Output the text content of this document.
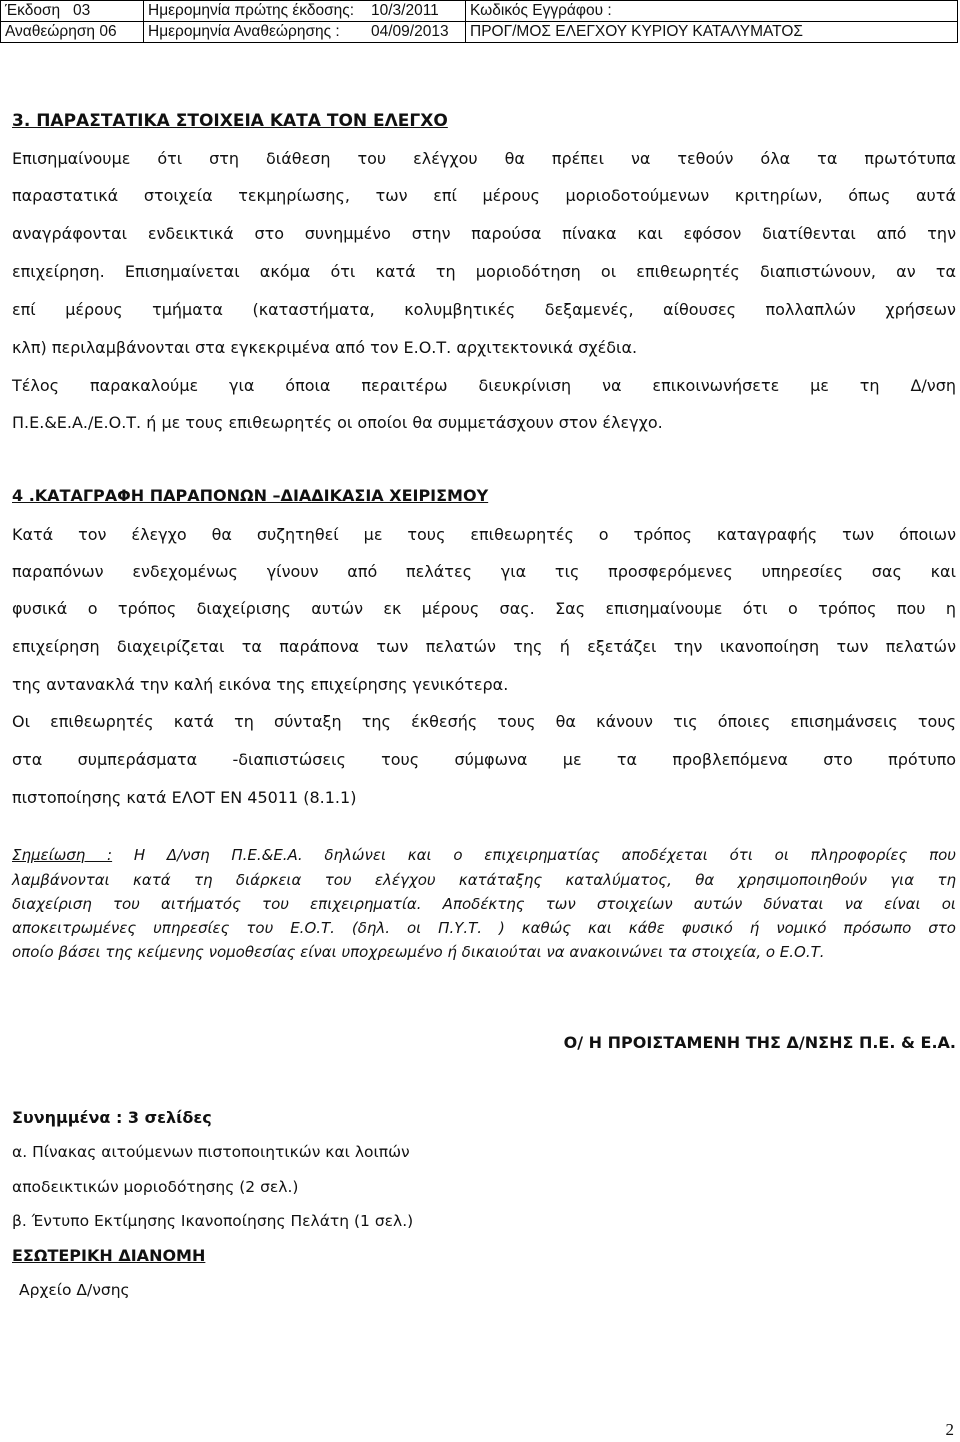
Έκδοση	03	Ημερομηνία πρώτης έκδοσης:	10/3/2011	Κωδικός Εγγράφου :
Αναθεώρηση 06		Ημερομηνία Αναθεώρησης :	04/09/2013	ΠΡΟΓ/ΜΟΣ ΕΛΕΓΧΟΥ ΚΥΡΙΟΥ ΚΑΤΑΛΥΜΑΤΟΣ
3. ΠΑΡΑΣΤΑΤΙΚΑ ΣΤΟΙΧΕΙΑ ΚΑΤΑ ΤΟΝ ΕΛΕΓΧΟ
Επισημαίνουμε ότι στη διάθεση του ελέγχου θα πρέπει να τεθούν όλα τα πρωτότυπα
παραστατικά στοιχεία τεκμηρίωσης, των επί μέρους μοριοδοτούμενων κριτηρίων, όπως αυτά
αναγράφονται ενδεικτικά στο συνημμένο στην παρούσα πίνακα και εφόσον διατίθενται από την
επιχείρηση. Επισημαίνεται ακόμα ότι κατά τη μοριοδότηση οι επιθεωρητές διαπιστώνουν, αν τα
επί μέρους τμήματα (καταστήματα, κολυμβητικές δεξαμενές, αίθουσες πολλαπλών χρήσεων
κλπ) περιλαμβάνονται στα εγκεκριμένα από τον Ε.Ο.Τ. αρχιτεκτονικά σχέδια.
Τέλος παρακαλούμε για όποια περαιτέρω διευκρίνιση να επικοινωνήσετε με τη Δ/νση
Π.Ε.&Ε.Α./Ε.Ο.Τ. ή με τους επιθεωρητές οι οποίοι θα συμμετάσχουν στον έλεγχο.
4 .ΚΑΤΑΓΡΑΦΗ ΠΑΡΑΠΟΝΩΝ –ΔΙΑΔΙΚΑΣΙΑ ΧΕΙΡΙΣΜΟΥ
Κατά τον έλεγχο θα συζητηθεί με τους επιθεωρητές ο τρόπος καταγραφής των όποιων
παραπόνων ενδεχομένως γίνουν από πελάτες για τις προσφερόμενες υπηρεσίες σας και
φυσικά ο τρόπος διαχείρισης αυτών εκ μέρους σας. Σας επισημαίνουμε ότι ο τρόπος που η
επιχείρηση διαχειρίζεται τα παράπονα των πελατών της ή εξετάζει την ικανοποίηση των πελατών
της αντανακλά την καλή εικόνα της επιχείρησης γενικότερα.
Οι επιθεωρητές κατά τη σύνταξη της έκθεσής τους θα κάνουν τις όποιες επισημάνσεις τους
στα συμπεράσματα -διαπιστώσεις τους σύμφωνα με τα προβλεπόμενα στο πρότυπο
πιστοποίησης κατά ΕΛΟΤ ΕΝ 45011 (8.1.1)
Σημείωση : Η Δ/νση Π.Ε.&Ε.Α. δηλώνει και ο επιχειρηματίας αποδέχεται ότι οι πληροφορίες που
λαμβάνονται κατά τη διάρκεια του ελέγχου κατάταξης καταλύματος, θα χρησιμοποιηθούν για τη
διαχείριση του αιτήματός του επιχειρηματία. Αποδέκτης των στοιχείων αυτών δύναται να είναι οι
αποκειτρωμένες υπηρεσίες του Ε.Ο.Τ. (δηλ. οι Π.Υ.Τ. ) καθώς και κάθε φυσικό ή νομικό πρόσωπο στο
οποίο βάσει της κείμενης νομοθεσίας είναι υποχρεωμένο ή δικαιούται να ανακοινώνει τα στοιχεία, ο Ε.Ο.Τ.
Ο/ Η ΠΡΟΙΣΤΑΜΕΝΗ ΤΗΣ Δ/ΝΣΗΣ Π.Ε. & Ε.Α.
Συνημμένα : 3 σελίδες
α. Πίνακας αιτούμενων πιστοποιητικών και λοιπών
αποδεικτικών μοριοδότησης (2 σελ.)
β. Έντυπο Εκτίμησης Ικανοποίησης Πελάτη (1 σελ.)
ΕΣΩΤΕΡΙΚΗ ΔΙΑΝΟΜΗ
Αρχείο Δ/νσης
2
